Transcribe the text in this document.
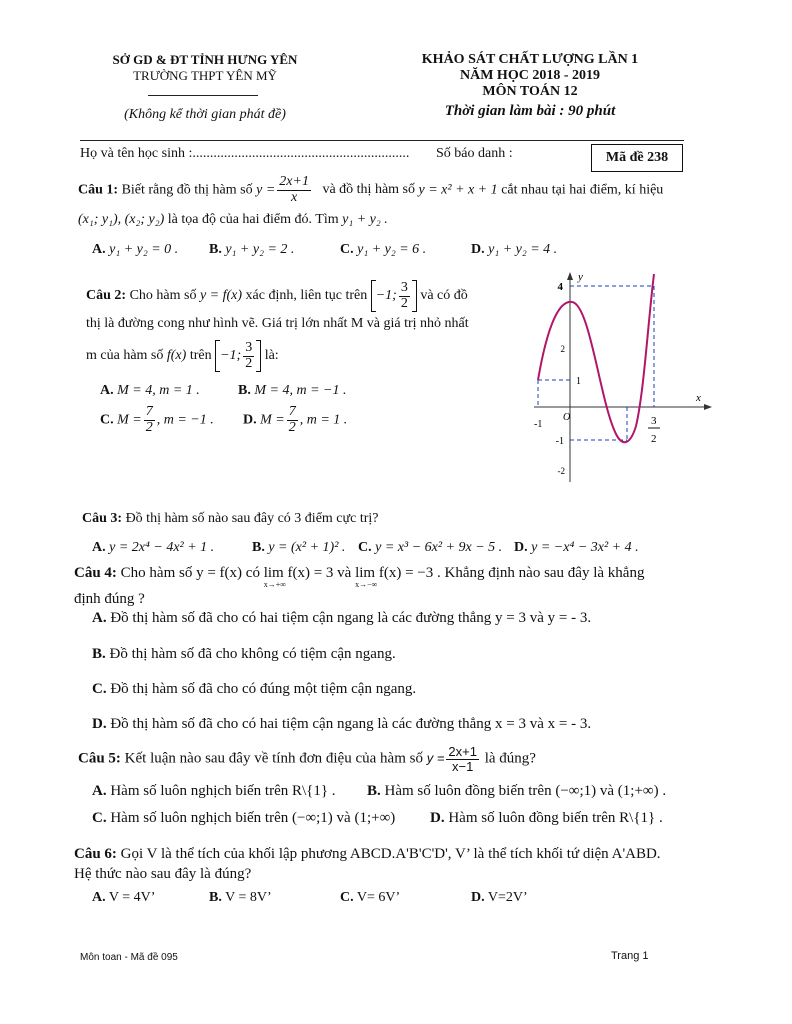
SỞ GD & ĐT TỈNH HƯNG YÊN
TRƯỜNG THPT YÊN MỸ
(Không kể thời gian phát đề)
KHẢO SÁT CHẤT LƯỢNG LẦN 1
NĂM HỌC 2018 - 2019
MÔN TOÁN 12
Thời gian làm bài : 90 phút
Họ và tên học sinh :.............................................................. Số báo danh :	Mã đề 238
Câu 1: Biết rằng đồ thị hàm số $y = \frac{2x+1}{x}$ và đồ thị hàm số y = x² + x + 1 cắt nhau tại hai điểm, kí hiệu
(x₁; y₁), (x₂; y₂) là tọa độ của hai điểm đó. Tìm y₁ + y₂ .
A. y₁ + y₂ = 0 . B. y₁ + y₂ = 2 .	C. y₁ + y₂ = 6 .	D. y₁ + y₂ = 4 .
Câu 2: Cho hàm số y = f(x) xác định, liên tục trên −1; $\frac{3}{2}$ và có đồ
thị là đường cong như hình vẽ. Giá trị lớn nhất M và giá trị nhỏ nhất
m của hàm số f(x) trên −1; $\frac{3}{2}$ là:
A. M = 4, m = 1 .	B. M = 4, m = −1 .
C. $M = \frac{7}{2}$ , m = −1 . D. $M = \frac{7}{2}$ , m = 1 .
y
x
O
4
2
1
-1
-1
-2
3
2
Câu 3: Đồ thị hàm số nào sau đây có 3 điểm cực trị?
A. y = 2x⁴ − 4x² + 1 .	B. y = (x² + 1)² . C. y = x³ − 6x² + 9x − 5 . D. y = −x⁴ − 3x² + 4 .
Câu 4: Cho hàm số y = f(x) có lim f(x) = 3
x→+∞
và lim f(x) = −3
x→−∞
. Khẳng định nào sau đây là khẳng
định đúng ?
A. Đồ thị hàm số đã cho có hai tiệm cận ngang là các đường thẳng y = 3 và y = - 3.
B. Đồ thị hàm số đã cho không có tiệm cận ngang.
C. Đồ thị hàm số đã cho có đúng một tiệm cận ngang.
D. Đồ thị hàm số đã cho có hai tiệm cận ngang là các đường thẳng x = 3 và x = - 3.
Câu 5: Kết luận nào sau đây về tính đơn điệu của hàm số $y = \frac{2x+1}{x-1}$ là đúng?
A. Hàm số luôn nghịch biến trên R\{1} . B. Hàm số luôn đồng biến trên (−∞;1) và (1;+∞) .
C. Hàm số luôn nghịch biến trên (−∞;1) và (1;+∞) D. Hàm số luôn đồng biến trên R\{1} .
Câu 6: Gọi V là thể tích của khối lập phương ABCD.A'B'C'D', V’ là thể tích khối tứ diện A'ABD.
Hệ thức nào sau đây là đúng?
A. V = 4V’	B. V = 8V’	C. V= 6V’	D. V=2V’
Môn toan - Mã đề 095	Trang 1
